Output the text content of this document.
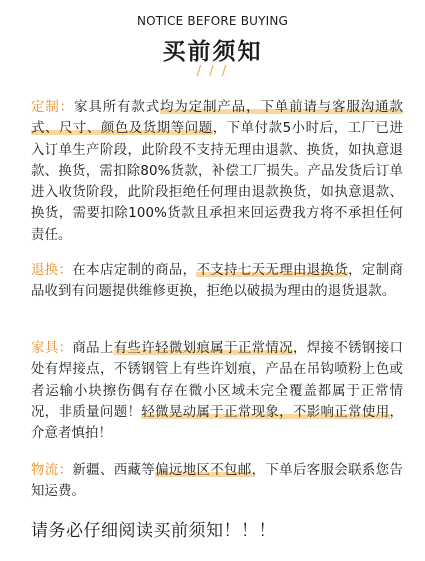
NOTICE BEFORE BUYING
买前须知
/ / /
定制：家具所有款式均为定制产品，下单前请与客服沟通款式、尺寸、颜色及货期等问题，下单付款5小时后，工厂已进入订单生产阶段，此阶段不支持无理由退款、换货，如执意退款、换货，需扣除80%货款，补偿工厂损失。产品发货后订单进入收货阶段，此阶段拒绝任何理由退款换货，如执意退款、换货，需要扣除100%货款且承担来回运费我方将不承担任何责任。
退换：在本店定制的商品，不支持七天无理由退换货，定制商品收到有问题提供维修更换，拒绝以破损为理由的退货退款。
家具：商品上有些许轻微划痕属于正常情况，焊接不锈钢接口处有焊接点，不锈钢管上有些许划痕，产品在吊钩喷粉上色或者运输小块擦伤偶有存在微小区域未完全覆盖都属于正常情况，非质量问题！轻微晃动属于正常现象，不影响正常使用，介意者慎拍！
物流：新疆、西藏等偏远地区不包邮，下单后客服会联系您告知运费。
请务必仔细阅读买前须知！！！
